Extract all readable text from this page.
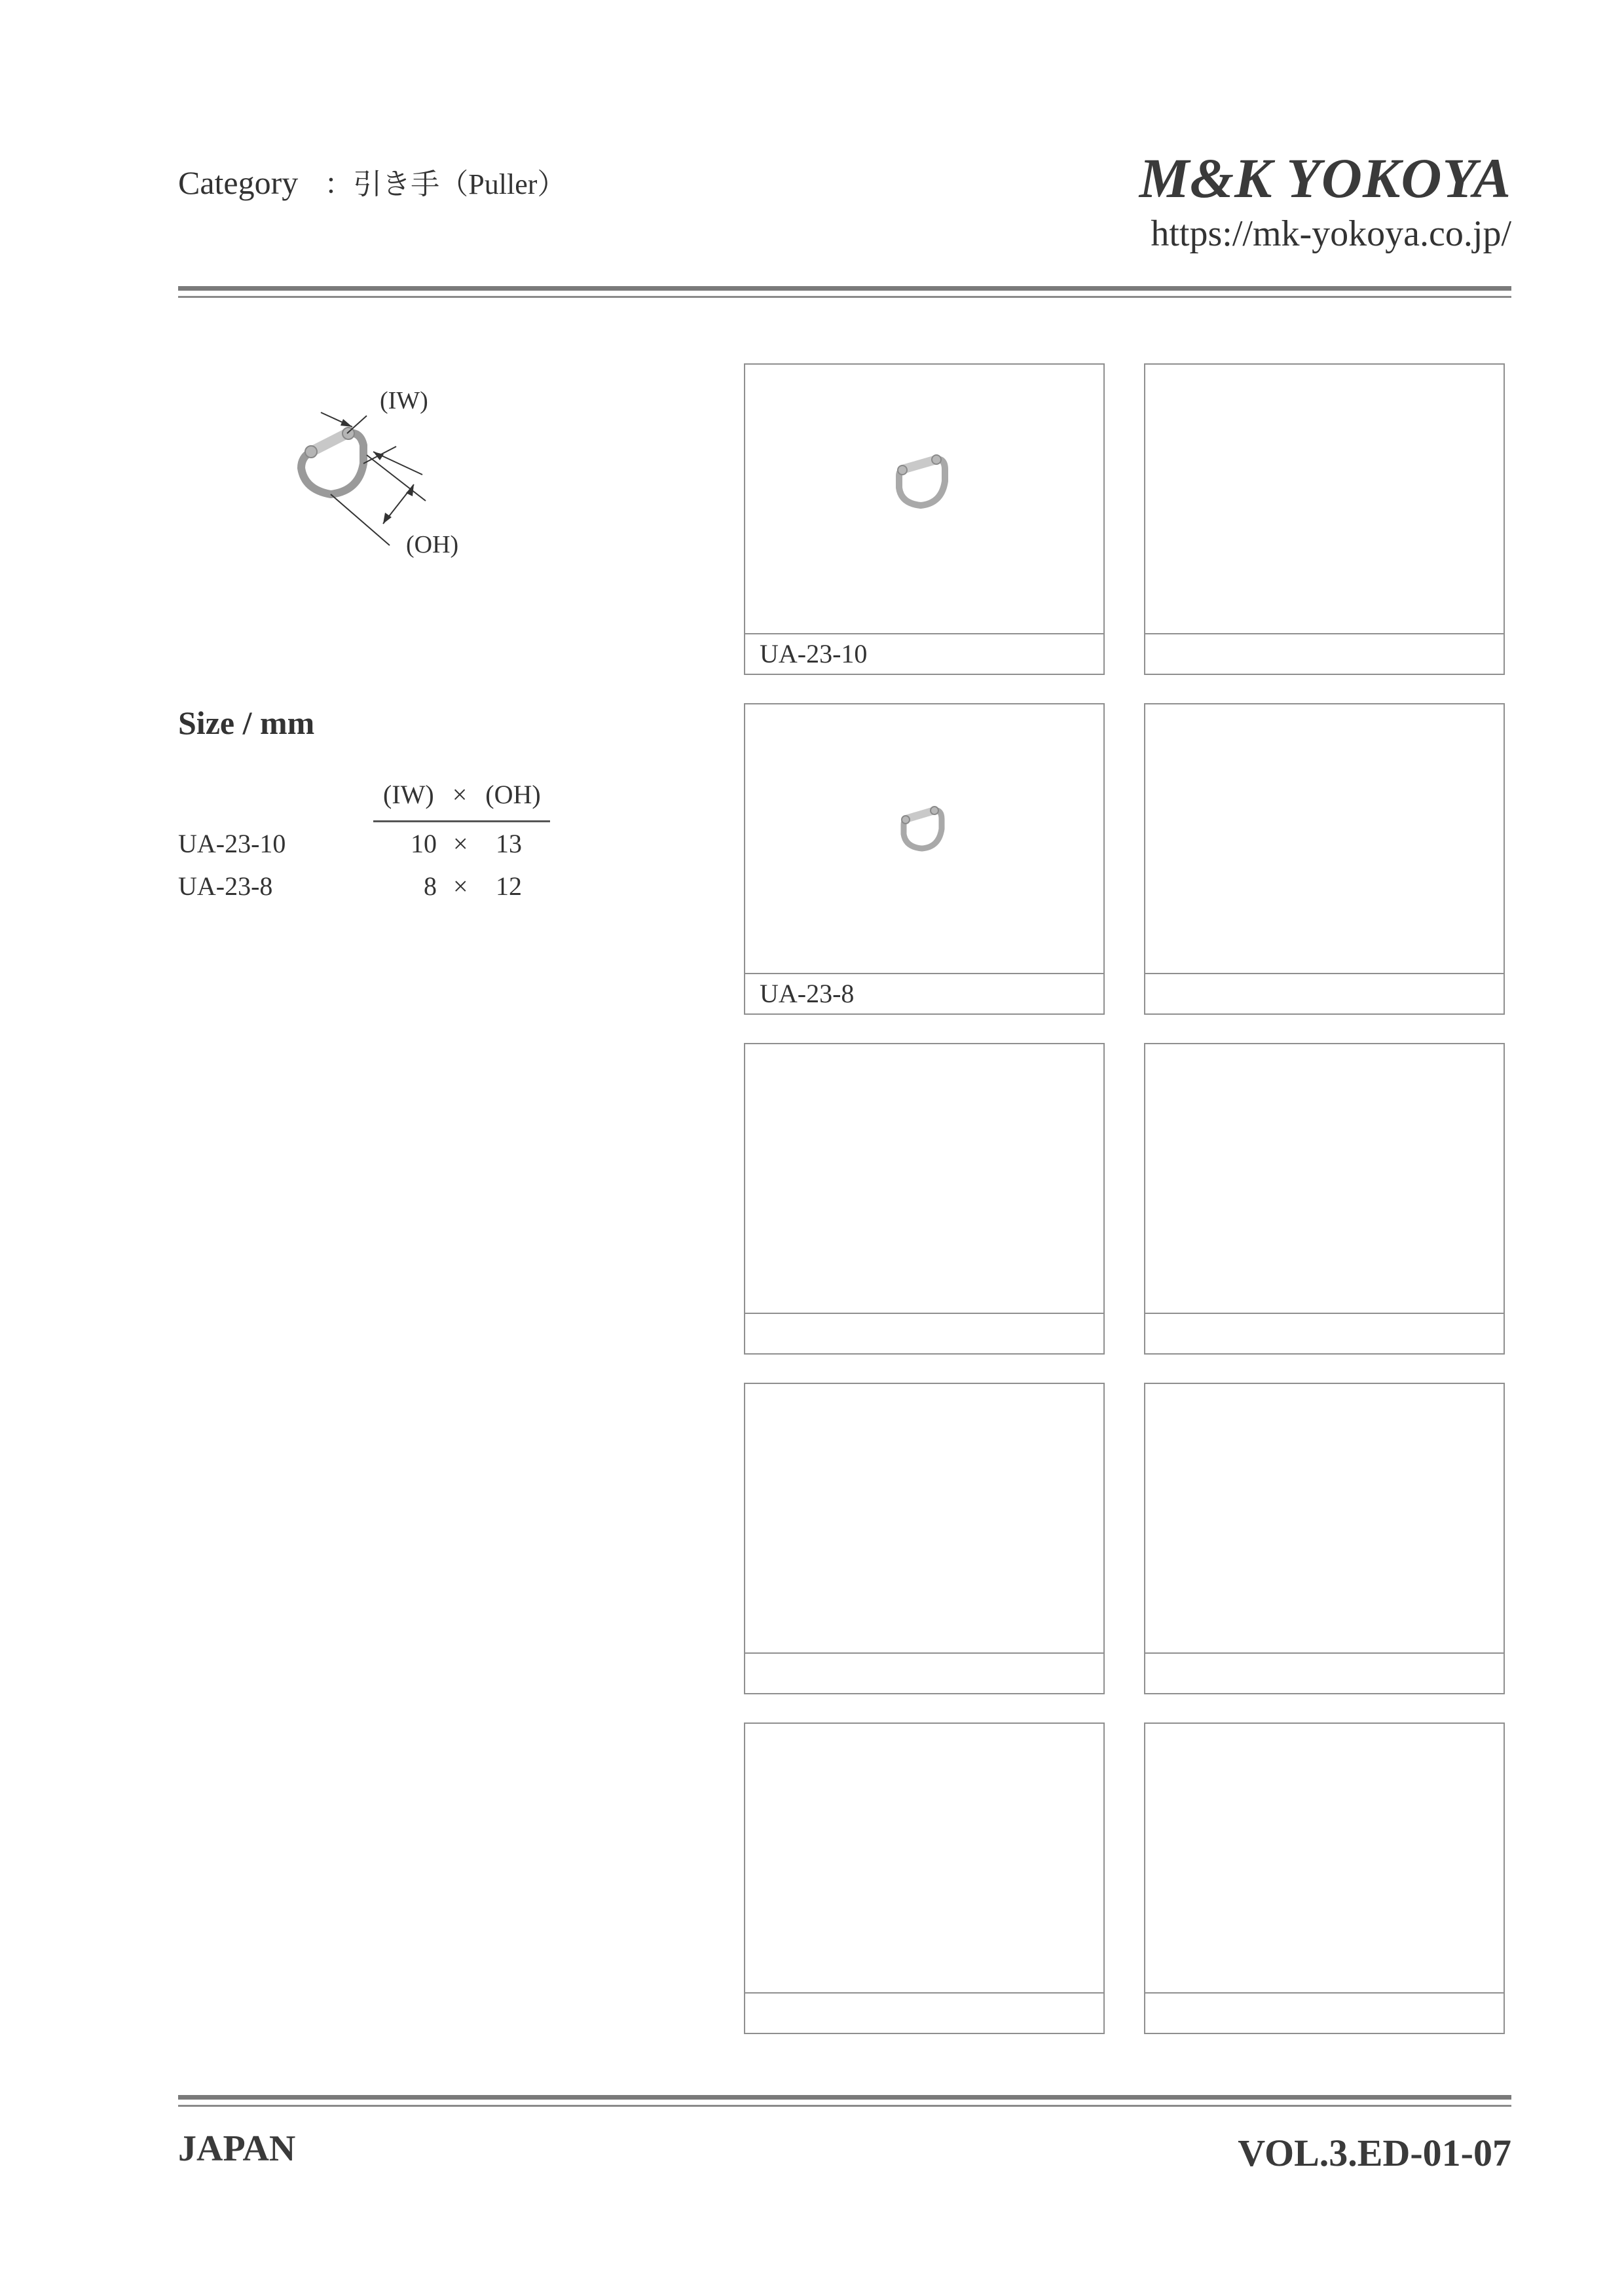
Category ：引き手（Puller）	M&K YOKOYA
https://mk-yokoya.co.jp/
(IW)
(OH)
Size / mm
(IW) × (OH)
UA-23-10	10 × 13
UA-23-8	8 × 12
UA-23-10
UA-23-8
JAPAN	VOL.3.ED-01-07
